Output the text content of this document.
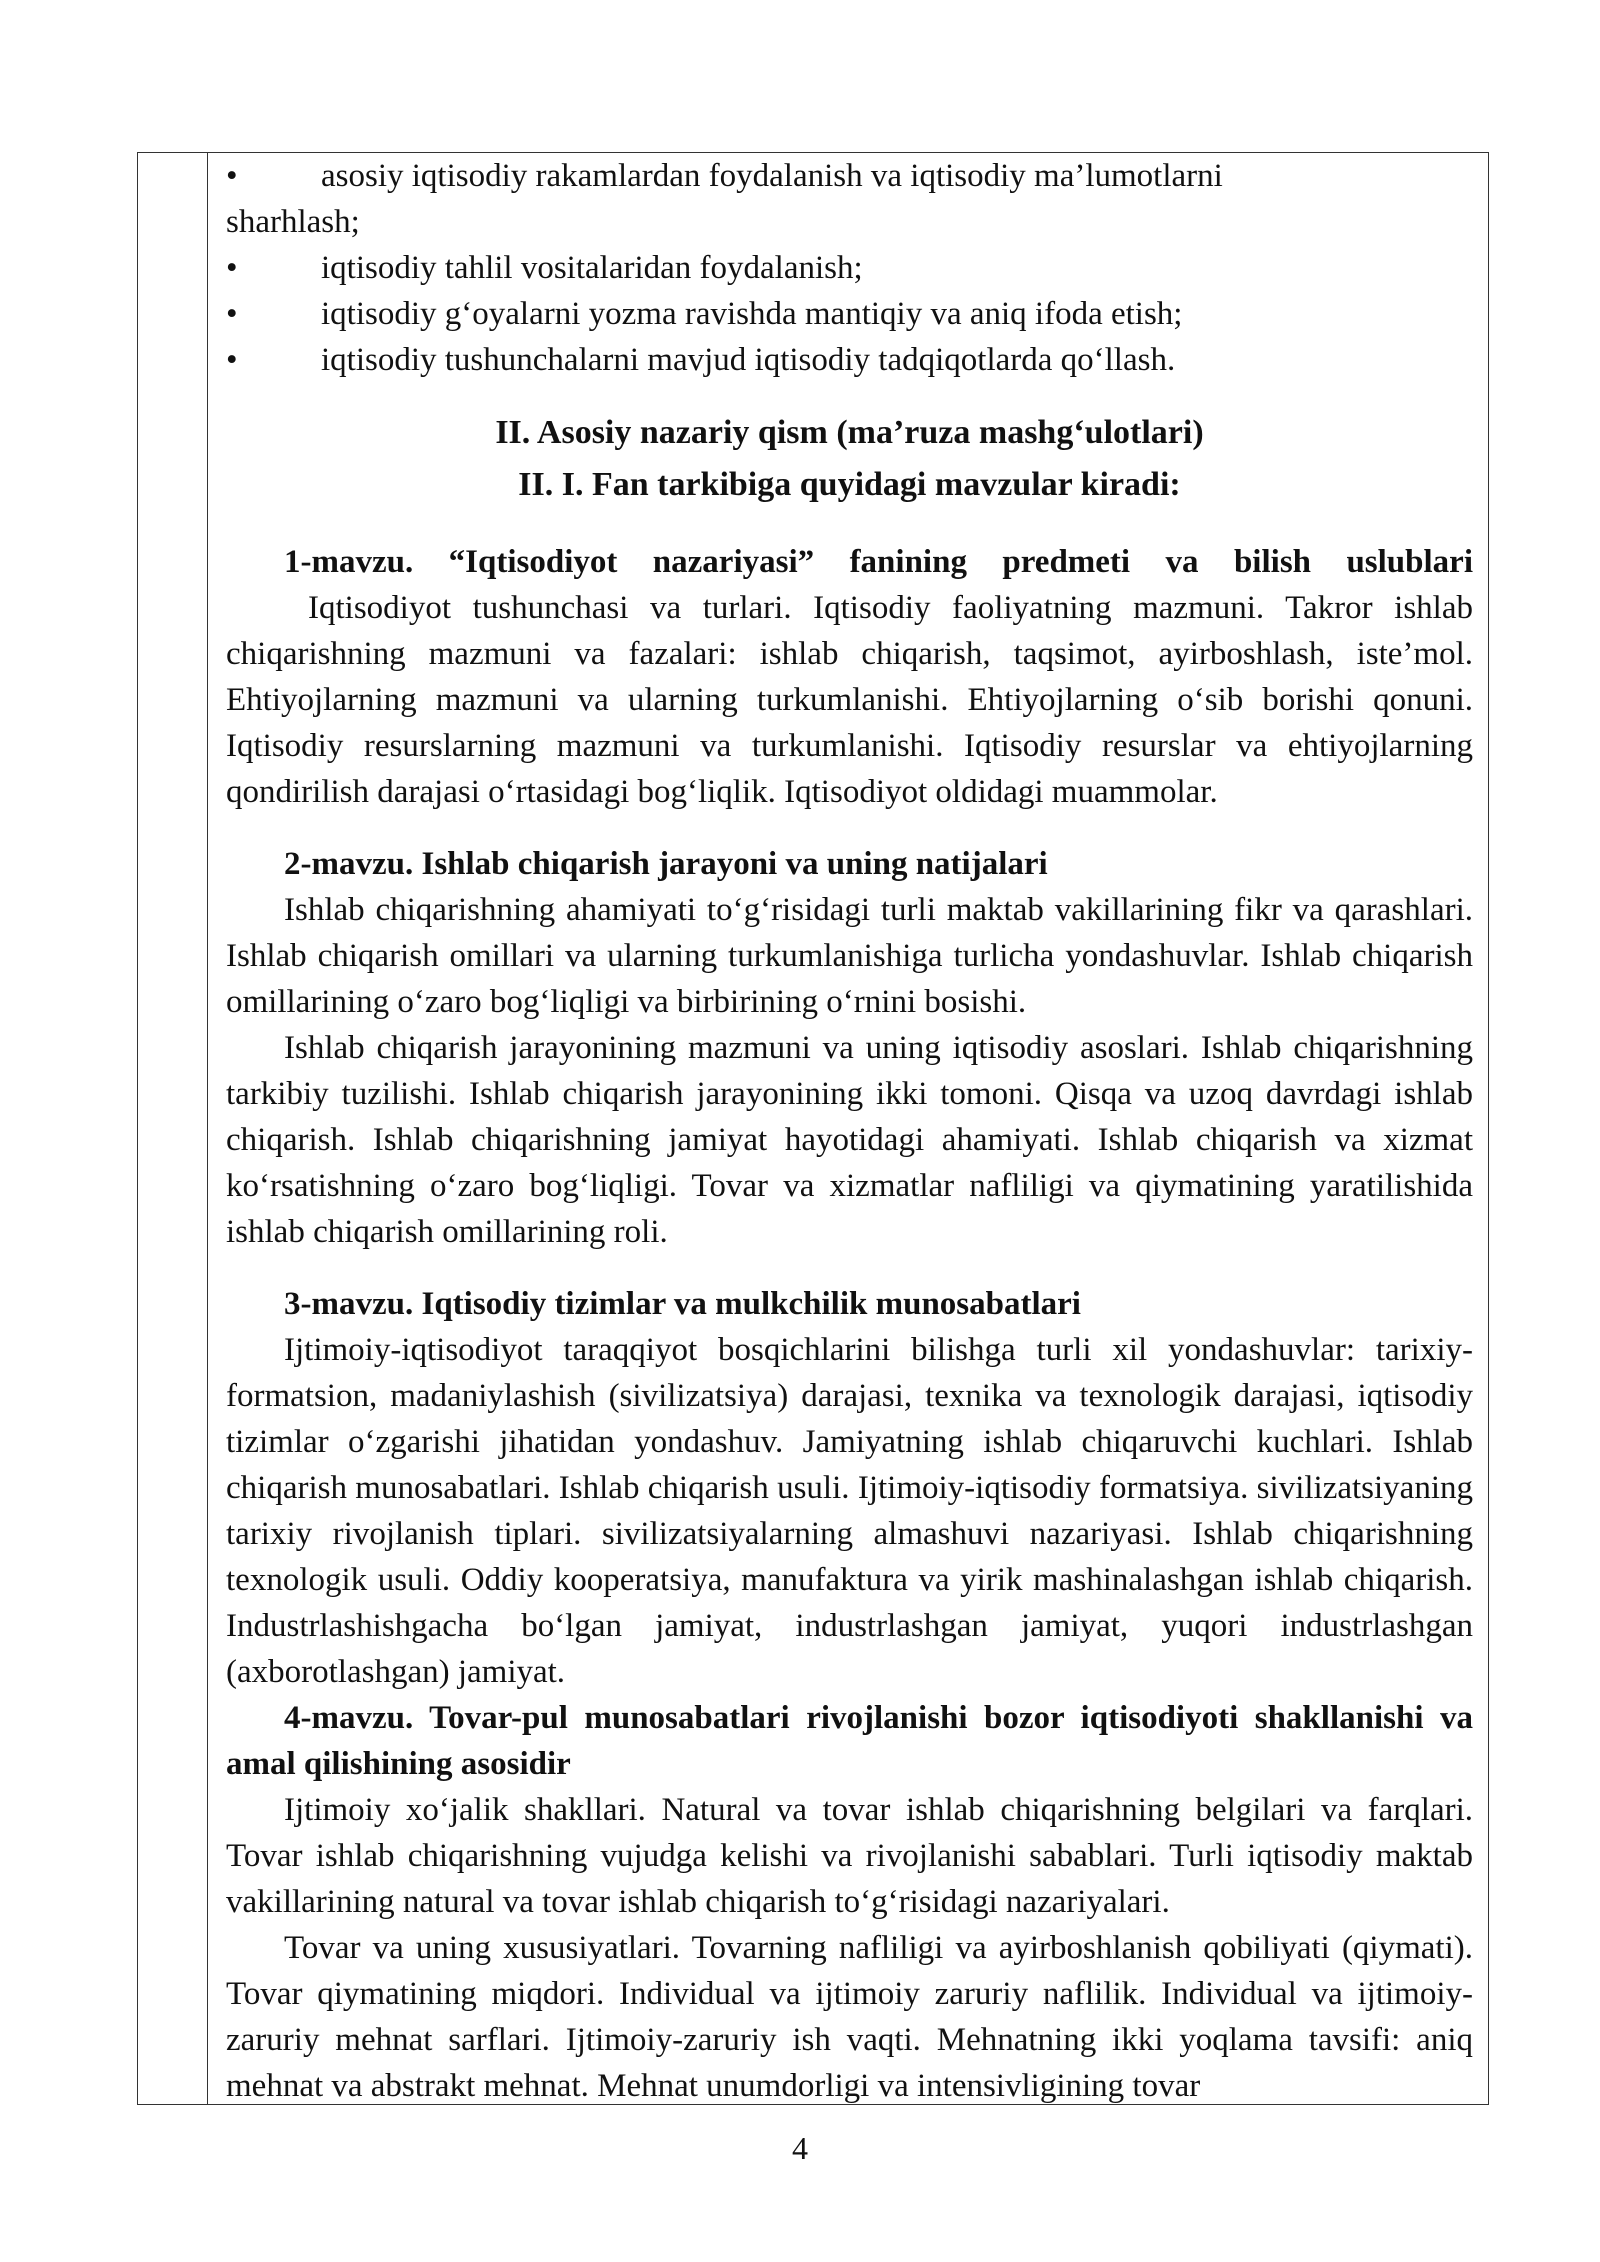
•	asosiy iqtisodiy rakamlardan foydalanish va iqtisodiy ma’lumotlarni
sharhlash;
•	iqtisodiy tahlil vositalaridan foydalanish;
•	iqtisodiy g‘oyalarni yozma ravishda mantiqiy va aniq ifoda etish;
•	iqtisodiy tushunchalarni mavjud iqtisodiy tadqiqotlarda qo‘llash.
II. Asosiy nazariy qism (ma’ruza mashg‘ulotlari)
II. I. Fan tarkibiga quyidagi mavzular kiradi:
1-mavzu. “Iqtisodiyot nazariyasi” fanining predmeti va bilish uslublari
Iqtisodiyot tushunchasi va turlari. Iqtisodiy faoliyatning mazmuni. Takror ishlab chiqarishning mazmuni va fazalari: ishlab chiqarish, taqsimot, ayirboshlash, iste’mol. Ehtiyojlarning mazmuni va ularning turkumlanishi. Ehtiyojlarning o‘sib borishi qonuni. Iqtisodiy resurslarning mazmuni va turkumlanishi. Iqtisodiy resurslar va ehtiyojlarning qondirilish darajasi o‘rtasidagi bog‘liqlik. Iqtisodiyot oldidagi muammolar.
2-mavzu. Ishlab chiqarish jarayoni va uning natijalari
Ishlab chiqarishning ahamiyati to‘g‘risidagi turli maktab vakillarining fikr va qarashlari. Ishlab chiqarish omillari va ularning turkumlanishiga turlicha yondashuvlar. Ishlab chiqarish omillarining o‘zaro bog‘liqligi va birbirining o‘rnini bosishi.
Ishlab chiqarish jarayonining mazmuni va uning iqtisodiy asoslari. Ishlab chiqarishning tarkibiy tuzilishi. Ishlab chiqarish jarayonining ikki tomoni. Qisqa va uzoq davrdagi ishlab chiqarish. Ishlab chiqarishning jamiyat hayotidagi ahamiyati. Ishlab chiqarish va xizmat ko‘rsatishning o‘zaro bog‘liqligi. Tovar va xizmatlar nafliligi va qiymatining yaratilishida ishlab chiqarish omillarining roli.
3-mavzu. Iqtisodiy tizimlar va mulkchilik munosabatlari
Ijtimoiy-iqtisodiyot taraqqiyot bosqichlarini bilishga turli xil yondashuvlar: tarixiy-formatsion, madaniylashish (sivilizatsiya) darajasi, texnika va texnologik darajasi, iqtisodiy tizimlar o‘zgarishi jihatidan yondashuv. Jamiyatning ishlab chiqaruvchi kuchlari. Ishlab chiqarish munosabatlari. Ishlab chiqarish usuli. Ijtimoiy-iqtisodiy formatsiya. sivilizatsiyaning tarixiy rivojlanish tiplari. sivilizatsiyalarning almashuvi nazariyasi. Ishlab chiqarishning texnologik usuli. Oddiy kooperatsiya, manufaktura va yirik mashinalashgan ishlab chiqarish. Industrlashishgacha bo‘lgan jamiyat, industrlashgan jamiyat, yuqori industrlashgan (axborotlashgan) jamiyat.
4-mavzu. Tovar-pul munosabatlari rivojlanishi bozor iqtisodiyoti shakllanishi va amal qilishining asosidir
Ijtimoiy xo‘jalik shakllari. Natural va tovar ishlab chiqarishning belgilari va farqlari. Tovar ishlab chiqarishning vujudga kelishi va rivojlanishi sabablari. Turli iqtisodiy maktab vakillarining natural va tovar ishlab chiqarish to‘g‘risidagi nazariyalari.
Tovar va uning xususiyatlari. Tovarning nafliligi va ayirboshlanish qobiliyati (qiymati). Tovar qiymatining miqdori. Individual va ijtimoiy zaruriy naflilik. Individual va ijtimoiy-zaruriy mehnat sarflari. Ijtimoiy-zaruriy ish vaqti. Mehnatning ikki yoqlama tavsifi: aniq mehnat va abstrakt mehnat. Mehnat unumdorligi va intensivligining tovar
4
